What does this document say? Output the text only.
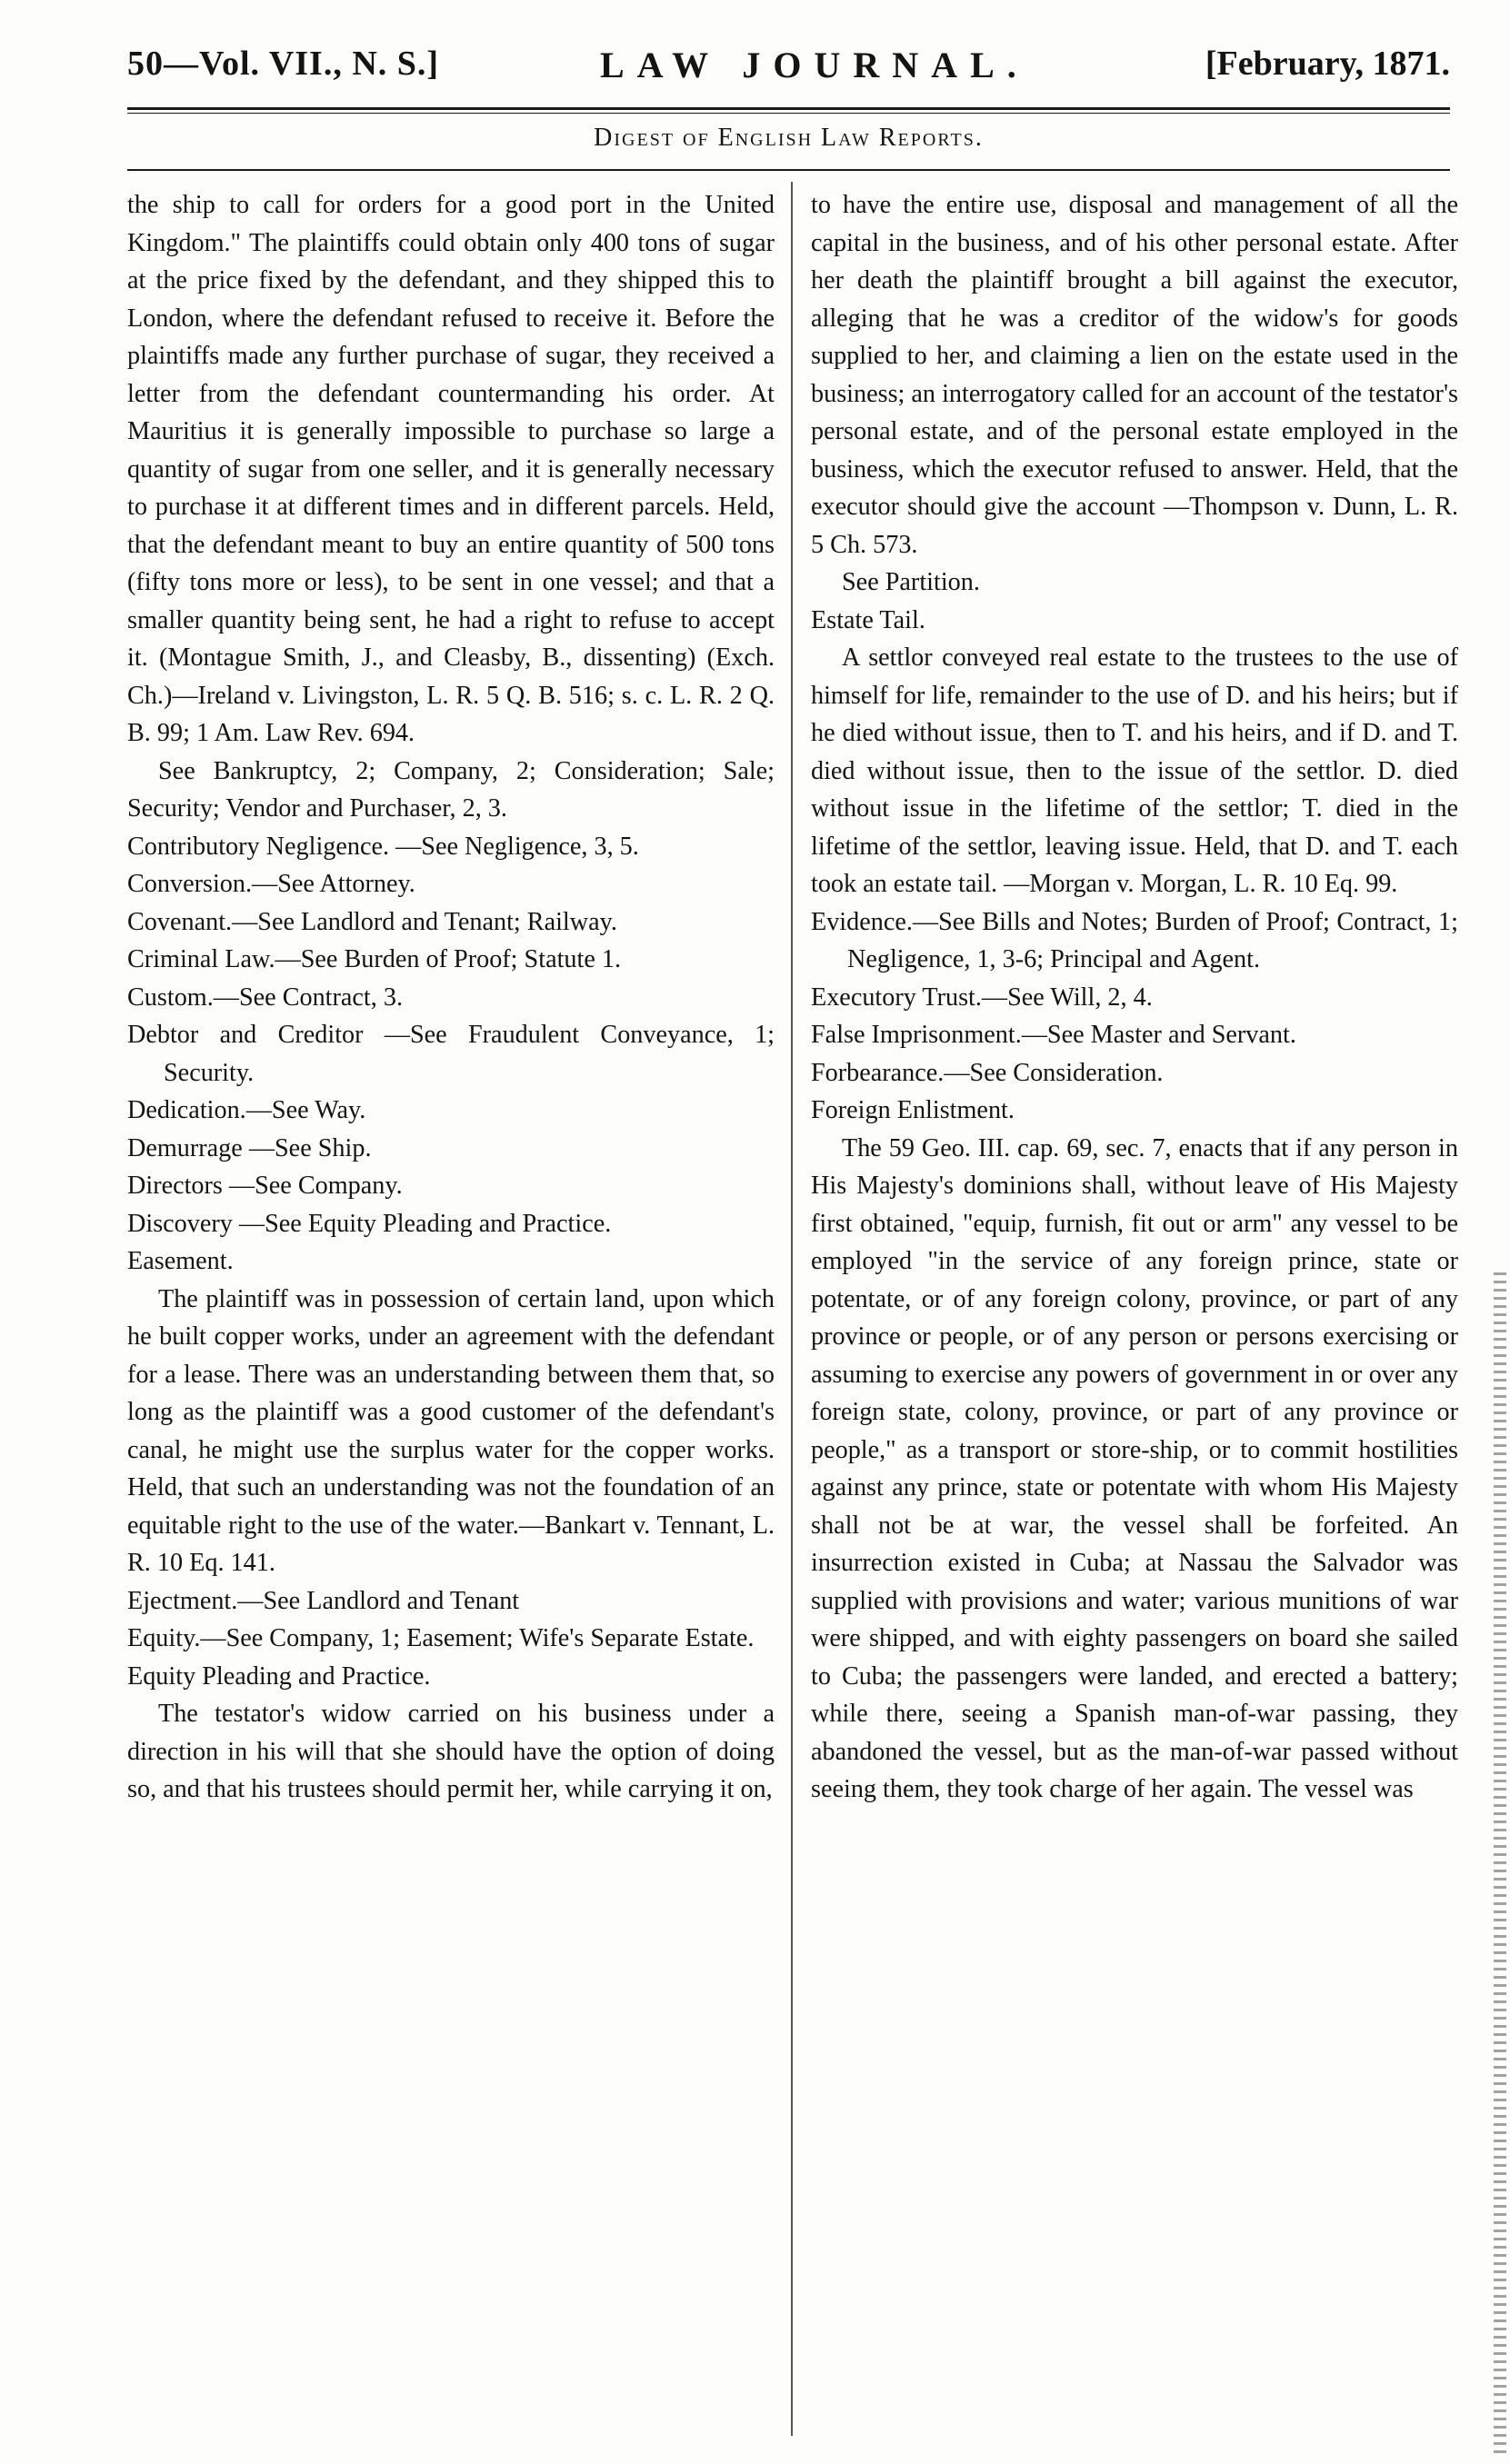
50—Vol. VII., N. S.]	LAW JOURNAL.	[February, 1871.
Digest of English Law Reports.

the ship to call for orders for a good port in the United Kingdom." The plaintiffs could obtain only 400 tons of sugar at the price fixed by the defendant, and they shipped this to London, where the defendant refused to receive it. Before the plaintiffs made any further purchase of sugar, they received a letter from the defendant countermanding his order. At Mauritius it is generally impossible to purchase so large a quantity of sugar from one seller, and it is generally necessary to purchase it at different times and in different parcels. Held, that the defendant meant to buy an entire quantity of 500 tons (fifty tons more or less), to be sent in one vessel; and that a smaller quantity being sent, he had a right to refuse to accept it. (Montague Smith, J., and Cleasby, B., dissenting) (Exch. Ch.)—Ireland v. Livingston, L. R. 5 Q. B. 516; s. c. L. R. 2 Q. B. 99; 1 Am. Law Rev. 694.

See Bankruptcy, 2; Company, 2; Consideration; Sale; Security; Vendor and Purchaser, 2, 3.

Contributory Negligence. —See Negligence, 3, 5.

Conversion.—See Attorney.

Covenant.—See Landlord and Tenant; Railway.

Criminal Law.—See Burden of Proof; Statute 1.

Custom.—See Contract, 3.

Debtor and Creditor —See Fraudulent Conveyance, 1; Security.

Dedication.—See Way.

Demurrage —See Ship.

Directors —See Company.

Discovery —See Equity Pleading and Practice.

Easement.

The plaintiff was in possession of certain land, upon which he built copper works, under an agreement with the defendant for a lease. There was an understanding between them that, so long as the plaintiff was a good customer of the defendant's canal, he might use the surplus water for the copper works. Held, that such an understanding was not the foundation of an equitable right to the use of the water.—Bankart v. Tennant, L. R. 10 Eq. 141.

Ejectment.—See Landlord and Tenant

Equity.—See Company, 1; Easement; Wife's Separate Estate.

Equity Pleading and Practice.

The testator's widow carried on his business under a direction in his will that she should have the option of doing so, and that his trustees should permit her, while carrying it on,

to have the entire use, disposal and management of all the capital in the business, and of his other personal estate. After her death the plaintiff brought a bill against the executor, alleging that he was a creditor of the widow's for goods supplied to her, and claiming a lien on the estate used in the business; an interrogatory called for an account of the testator's personal estate, and of the personal estate employed in the business, which the executor refused to answer. Held, that the executor should give the account —Thompson v. Dunn, L. R. 5 Ch. 573.

See Partition.

Estate Tail.

A settlor conveyed real estate to the trustees to the use of himself for life, remainder to the use of D. and his heirs; but if he died without issue, then to T. and his heirs, and if D. and T. died without issue, then to the issue of the settlor. D. died without issue in the lifetime of the settlor; T. died in the lifetime of the settlor, leaving issue. Held, that D. and T. each took an estate tail. —Morgan v. Morgan, L. R. 10 Eq. 99.

Evidence.—See Bills and Notes; Burden of Proof; Contract, 1; Negligence, 1, 3-6; Principal and Agent.

Executory Trust.—See Will, 2, 4.

False Imprisonment.—See Master and Servant.

Forbearance.—See Consideration.

Foreign Enlistment.

The 59 Geo. III. cap. 69, sec. 7, enacts that if any person in His Majesty's dominions shall, without leave of His Majesty first obtained, "equip, furnish, fit out or arm" any vessel to be employed "in the service of any foreign prince, state or potentate, or of any foreign colony, province, or part of any province or people, or of any person or persons exercising or assuming to exercise any powers of government in or over any foreign state, colony, province, or part of any province or people," as a transport or store-ship, or to commit hostilities against any prince, state or potentate with whom His Majesty shall not be at war, the vessel shall be forfeited. An insurrection existed in Cuba; at Nassau the Salvador was supplied with provisions and water; various munitions of war were shipped, and with eighty passengers on board she sailed to Cuba; the passengers were landed, and erected a battery; while there, seeing a Spanish man-of-war passing, they abandoned the vessel, but as the man-of-war passed without seeing them, they took charge of her again. The vessel was
